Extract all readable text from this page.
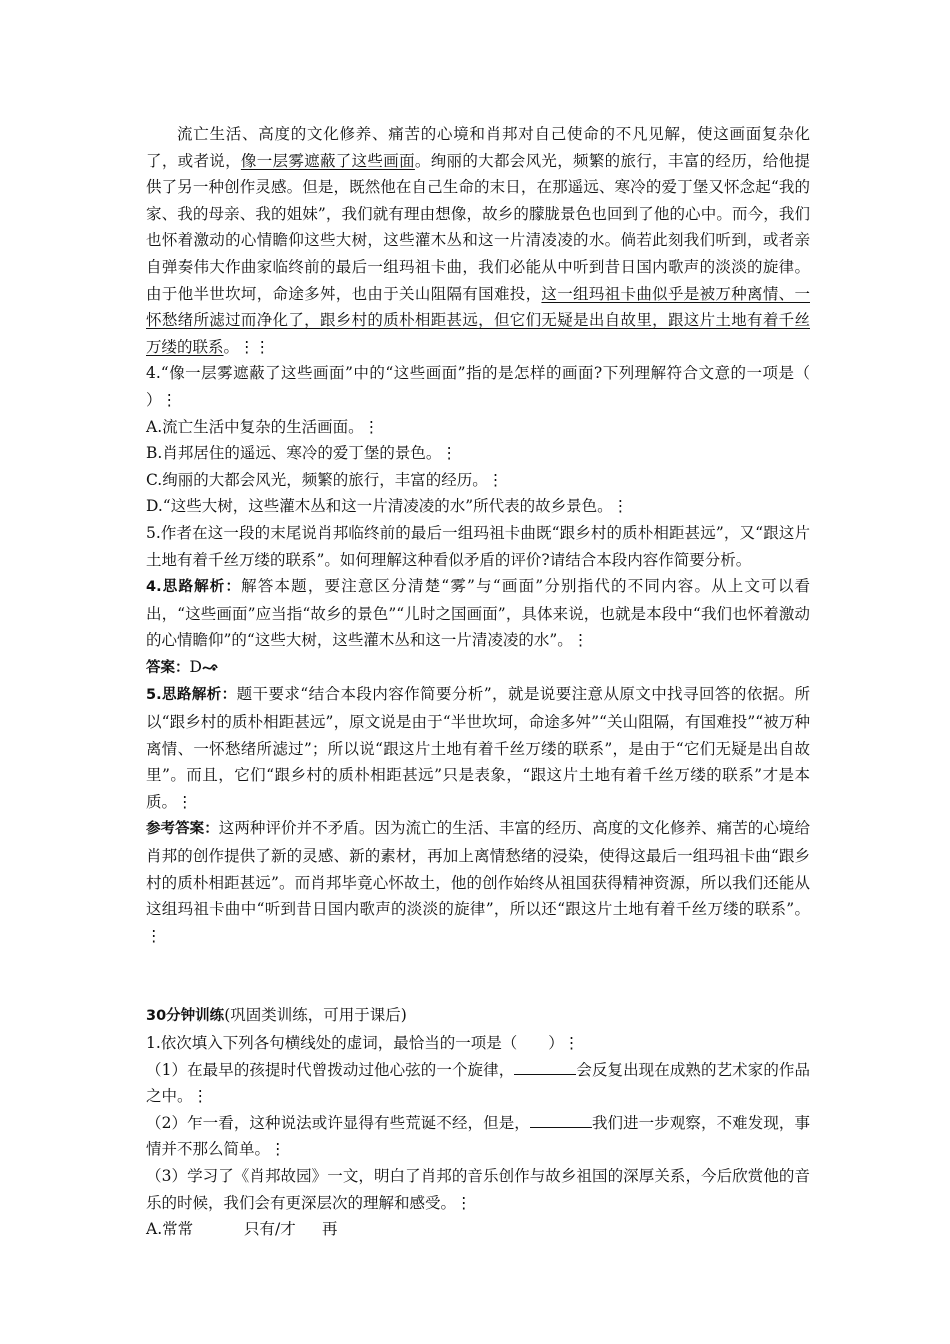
流亡生活、高度的文化修养、痛苦的心境和肖邦对自己使命的不凡见解，使这画面复杂化了，或者说，像一层雾遮蔽了这些画面。绚丽的大都会风光，频繁的旅行，丰富的经历，给他提供了另一种创作灵感。但是，既然他在自己生命的末日，在那遥远、寒冷的爱丁堡又怀念起“我的家、我的母亲、我的姐妹”，我们就有理由想像，故乡的朦胧景色也回到了他的心中。而今，我们也怀着激动的心情瞻仰这些大树，这些灌木丛和这一片清凌凌的水。倘若此刻我们听到，或者亲自弹奏伟大作曲家临终前的最后一组玛祖卡曲，我们必能从中听到昔日国内歌声的淡淡的旋律。由于他半世坎坷，命途多舛，也由于关山阻隔有国难投，这一组玛祖卡曲似乎是被万种离情、一怀愁绪所滤过而净化了，跟乡村的质朴相距甚远，但它们无疑是出自故里，跟这片土地有着千丝万缕的联系。⋮⋮

4.“像一层雾遮蔽了这些画面”中的“这些画面”指的是怎样的画面?下列理解符合文意的一项是（　　）⋮

A.流亡生活中复杂的生活画面。⋮

B.肖邦居住的遥远、寒冷的爱丁堡的景色。⋮

C.绚丽的大都会风光，频繁的旅行，丰富的经历。⋮

D.“这些大树，这些灌木丛和这一片清凌凌的水”所代表的故乡景色。⋮

5.作者在这一段的末尾说肖邦临终前的最后一组玛祖卡曲既“跟乡村的质朴相距甚远”，又“跟这片土地有着千丝万缕的联系”。如何理解这种看似矛盾的评价?请结合本段内容作简要分析。

4.思路解析：解答本题，要注意区分清楚“雾”与“画面”分别指代的不同内容。从上文可以看出，“这些画面”应当指“故乡的景色”“儿时之国画面”，具体来说，也就是本段中“我们也怀着激动的心情瞻仰”的“这些大树，这些灌木丛和这一片清凌凌的水”。⋮

答案：D

5.思路解析：题干要求“结合本段内容作简要分析”，就是说要注意从原文中找寻回答的依据。所以“跟乡村的质朴相距甚远”，原文说是由于“半世坎坷，命途多舛”“关山阻隔，有国难投”“被万种离情、一怀愁绪所滤过”；所以说“跟这片土地有着千丝万缕的联系”，是由于“它们无疑是出自故里”。而且，它们“跟乡村的质朴相距甚远”只是表象，“跟这片土地有着千丝万缕的联系”才是本质。⋮

参考答案：这两种评价并不矛盾。因为流亡的生活、丰富的经历、高度的文化修养、痛苦的心境给肖邦的创作提供了新的灵感、新的素材，再加上离情愁绪的浸染，使得这最后一组玛祖卡曲“跟乡村的质朴相距甚远”。而肖邦毕竟心怀故土，他的创作始终从祖国获得精神资源，所以我们还能从这组玛祖卡曲中“听到昔日国内歌声的淡淡的旋律”，所以还“跟这片土地有着千丝万缕的联系”。⋮

30分钟训练(巩固类训练，可用于课后)

1.依次填入下列各句横线处的虚词，最恰当的一项是（　　）⋮

（1）在最早的孩提时代曾拨动过他心弦的一个旋律，	会反复出现在成熟的艺术家的作品之中。⋮

（2）乍一看，这种说法或许显得有些荒诞不经，但是，	我们进一步观察，不难发现，事情并不那么简单。⋮

（3）学习了《肖邦故园》一文，明白了肖邦的音乐创作与故乡祖国的深厚关系，今后欣赏他的音乐的时候，我们会有更深层次的理解和感受。⋮

A.常常	只有/才 再
